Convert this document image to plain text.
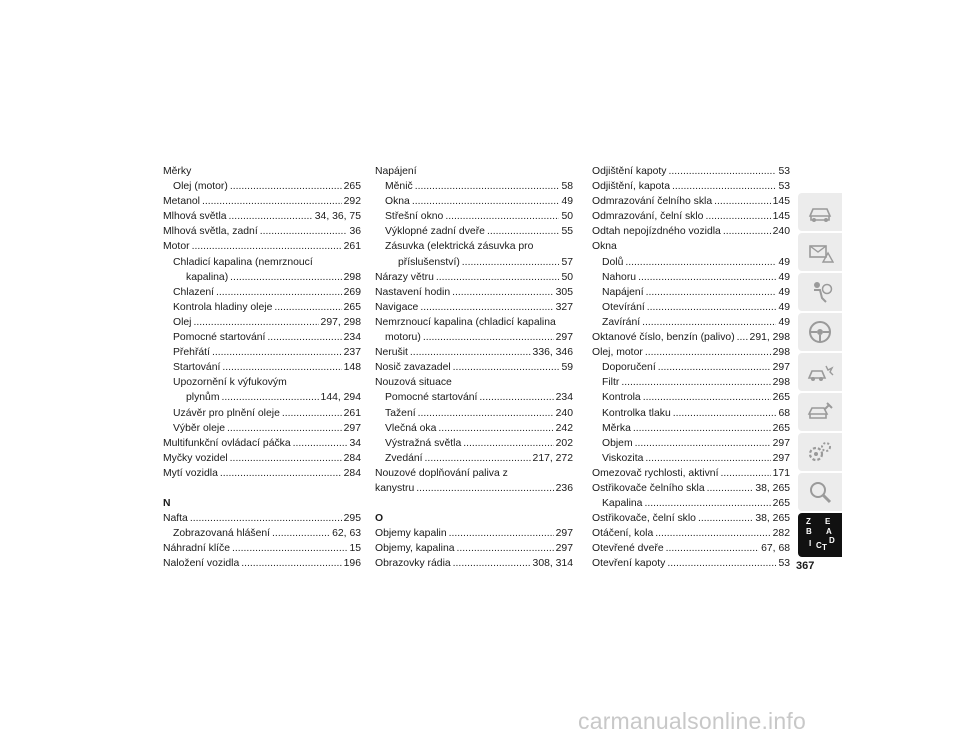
Měrky
Olej (motor) .....	265
Metanol .....	292
Mlhová světla .....	34, 36, 75
Mlhová světla, zadní .....	36
Motor .....	261
Chladicí kapalina (nemrznoucí
kapalina) .....	298
Chlazení .....	269
Kontrola hladiny oleje .....	265
Olej .....	297, 298
Pomocné startování .....	234
Přehřátí .....	237
Startování .....	148
Upozornění k výfukovým
plynům .....	144, 294
Uzávěr pro plnění oleje .....	261
Výběr oleje .....	297
Multifunkční ovládací páčka .....	34
Myčky vozidel .....	284
Mytí vozidla .....	284
N
Nafta .....	295
Zobrazovaná hlášení .....	62, 63
Náhradní klíče .....	15
Naložení vozidla .....	196
Napájení
Měnič .....	58
Okna .....	49
Střešní okno .....	50
Výklopné zadní dveře .....	55
Zásuvka (elektrická zásuvka pro
příslušenství) .....	57
Nárazy větru .....	50
Nastavení hodin .....	305
Navigace .....	327
Nemrznoucí kapalina (chladicí kapalina
motoru) .....	297
Nerušit .....	336, 346
Nosič zavazadel .....	59
Nouzová situace
Pomocné startování .....	234
Tažení .....	240
Vlečná oka .....	242
Výstražná světla .....	202
Zvedání .....	217, 272
Nouzové doplňování paliva z
kanystru .....	236
O
Objemy kapalin .....	297
Objemy, kapalina .....	297
Obrazovky rádia .....	308, 314
Odjištění kapoty .....	53
Odjištění, kapota .....	53
Odmrazování čelního skla .....	145
Odmrazování, čelní sklo .....	145
Odtah nepojízdného vozidla .....	240
Okna
Dolů .....	49
Nahoru .....	49
Napájení .....	49
Otevírání .....	49
Zavírání .....	49
Oktanové číslo, benzín (palivo) ..... 291, 298
Olej, motor .....	298
Doporučení .....	297
Filtr .....	298
Kontrola .....	265
Kontrolka tlaku .....	68
Měrka .....	265
Objem .....	297
Viskozita .....	297
Omezovač rychlosti, aktivní .....	171
Ostřikovače čelního skla .....	38, 265
Kapalina .....	265
Ostřikovače, čelní sklo .....	38, 265
Otáčení, kola .....	282
Otevřené dveře .....	67, 68
Otevření kapoty .....	53
Z E
B A
I C T
D
367
carmanualsonline.info
